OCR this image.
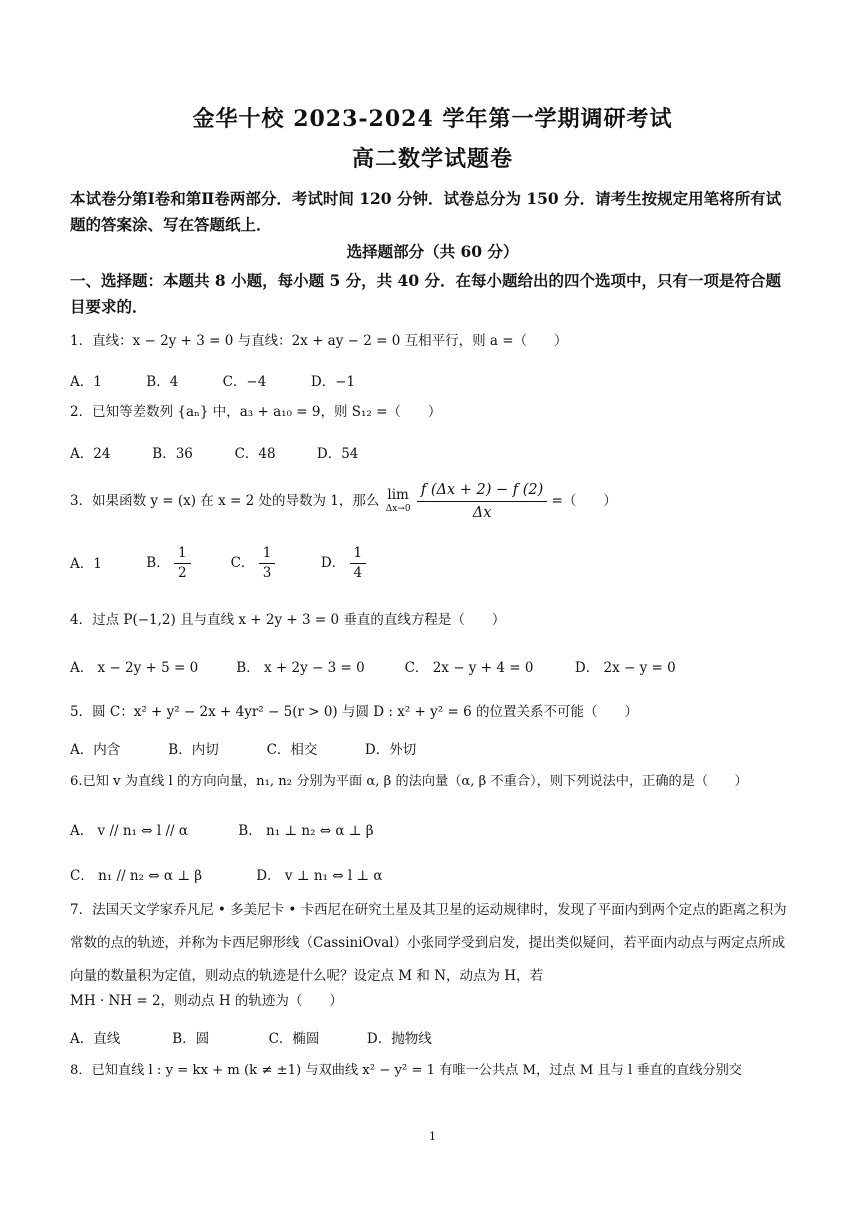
金华十校 2023-2024 学年第一学期调研考试
高二数学试题卷
本试卷分第Ⅰ卷和第Ⅱ卷两部分．考试时间 120 分钟．试卷总分为 150 分．请考生按规定用笔将所有试题的答案涂、写在答题纸上．
选择题部分（共 60 分）
一、选择题：本题共 8 小题，每小题 5 分，共 40 分．在每小题给出的四个选项中，只有一项是符合题目要求的．
1．直线：x − 2y + 3 = 0 与直线：2x + ay − 2 = 0 互相平行，则 a =（　　）
A．1	B．4	C．−4	D．−1
2．已知等差数列 {aₙ} 中，a₃ + a₁₀ = 9，则 S₁₂ =（　　）
A．24	B．36	C．48	D．54
3．如果函数 y = (x) 在 x = 2 处的导数为 1，那么 lim
Δx→0
$\frac{f (\Delta x + 2) - f (2)}{\Delta x}$ =（　　）
A．1	B． $\frac{1}{2}$	C． $\frac{1}{3}$	D． $\frac{1}{4}$
4．过点 P(−1,2) 且与直线 x + 2y + 3 = 0 垂直的直线方程是（　　）
A． x − 2y + 5 = 0	B． x + 2y − 3 = 0	C． 2x − y + 4 = 0	D． 2x − y = 0
5．圆 C：x² + y² − 2x + 4yr² − 5(r > 0) 与圆 D : x² + y² = 6 的位置关系不可能（　　）
A．内含	B．内切	C．相交	D．外切
6.已知 v 为直线 l 的方向向量，n₁, n₂ 分别为平面 α, β 的法向量（α, β 不重合），则下列说法中，正确的是（　　）
A． v // n₁ ⇔ l // α	B． n₁ ⊥ n₂ ⇔ α ⊥ β
C． n₁ // n₂ ⇔ α ⊥ β	D． v ⊥ n₁ ⇔ l ⊥ α
7．法国天文学家乔凡尼 • 多美尼卡 • 卡西尼在研究土星及其卫星的运动规律时，发现了平面内到两个定点的距离之积为常数的点的轨迹，并称为卡西尼卵形线（CassiniOval）小张同学受到启发，提出类似疑问，若平面内动点与两定点所成向量的数量积为定值，则动点的轨迹是什么呢？设定点 M 和 N，动点为 H，若
MH · NH = 2，则动点 H 的轨迹为（　　）
A．直线	B．圆	C．椭圆	D．抛物线
8．已知直线 l : y = kx + m (k ≠ ±1) 与双曲线 x² − y² = 1 有唯一公共点 M，过点 M 且与 l 垂直的直线分别交
1
